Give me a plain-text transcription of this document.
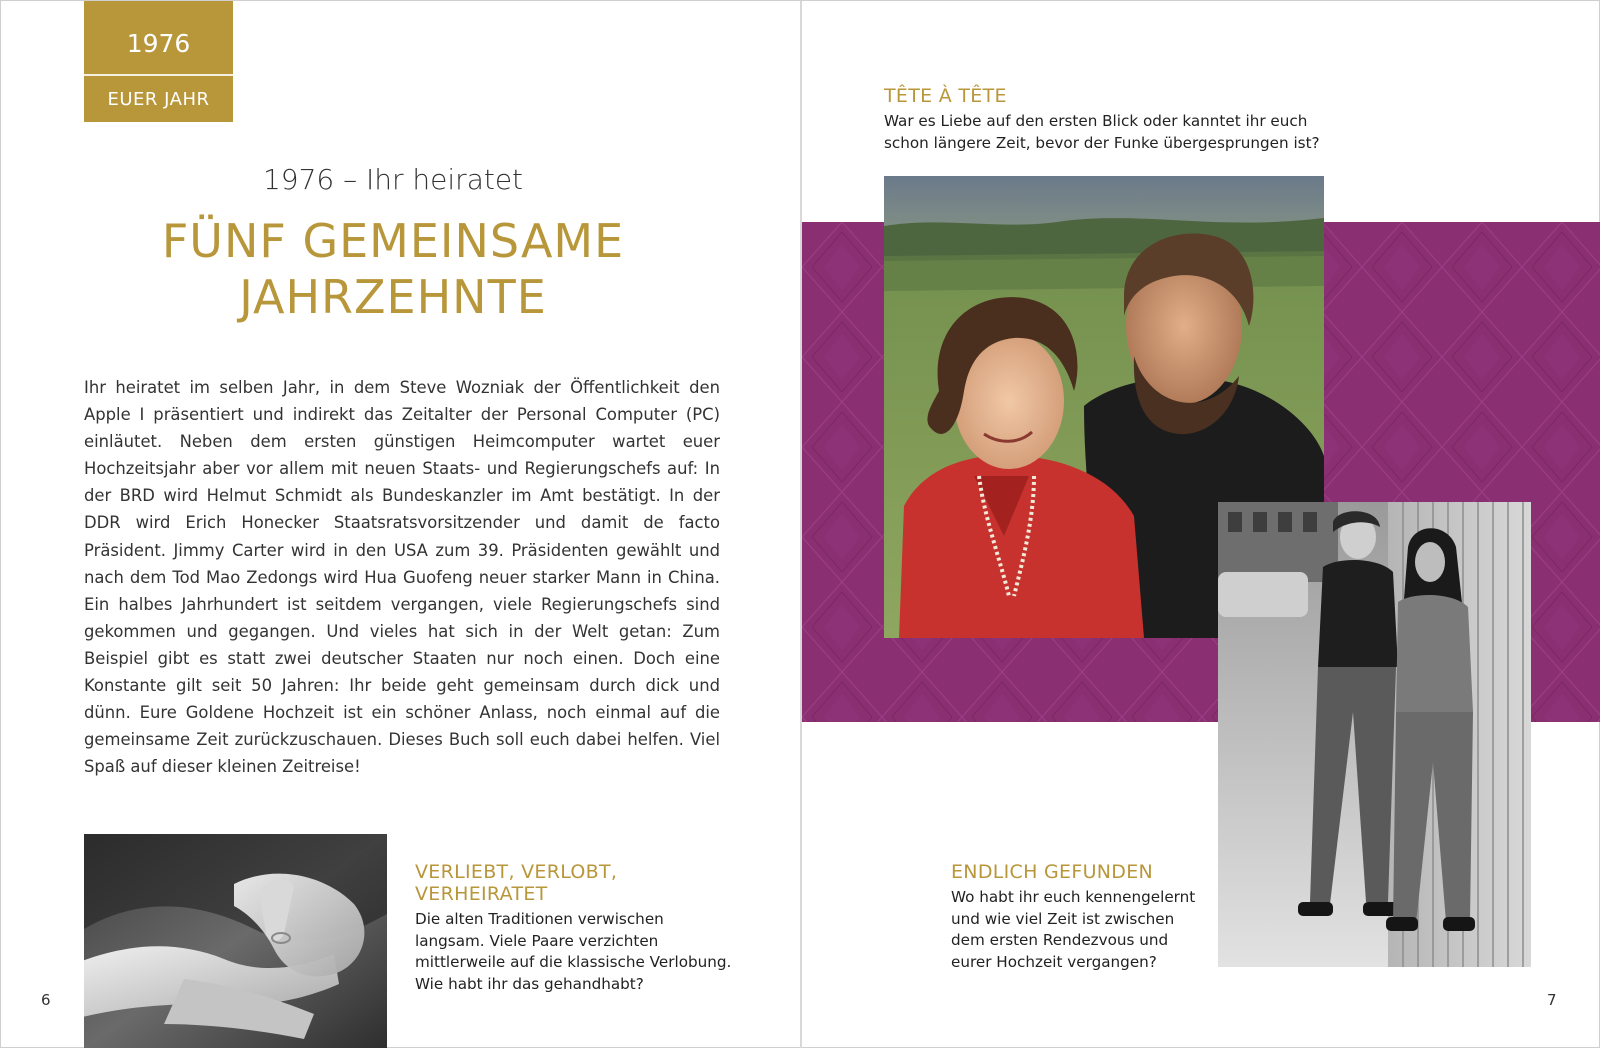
1976
EUER JAHR
1976 – Ihr heiratet
FÜNF GEMEINSAME
JAHRZEHNTE

Ihr heiratet im selben Jahr, in dem Steve Wozniak der Öffentlichkeit den Apple I präsentiert und indirekt das Zeitalter der Personal Computer (PC) einläutet. Neben dem ersten günstigen Heimcomputer wartet euer Hochzeitsjahr aber vor allem mit neuen Staats- und Regierungschefs auf: In der BRD wird Helmut Schmidt als Bundeskanzler im Amt bestätigt. In der DDR wird Erich Honecker Staatsratsvorsitzender und damit de facto Präsident. Jimmy Carter wird in den USA zum 39. Präsidenten gewählt und nach dem Tod Mao Zedongs wird Hua Guofeng neuer starker Mann in China. Ein halbes Jahrhundert ist seitdem vergangen, viele Regierungschefs sind gekommen und gegangen. Und vieles hat sich in der Welt getan: Zum Beispiel gibt es statt zwei deutscher Staaten nur noch einen. Doch eine Konstante gilt seit 50 Jahren: Ihr beide geht gemeinsam durch dick und dünn. Eure Goldene Hochzeit ist ein schöner Anlass, noch einmal auf die gemeinsame Zeit zurückzuschauen. Dieses Buch soll euch dabei helfen. Viel Spaß auf dieser kleinen Zeitreise!

VERLIEBT, VERLOBT, VERHEIRATET
Die alten Traditionen verwischen langsam. Viele Paare verzichten mittlerweile auf die klassische Verlobung. Wie habt ihr das gehandhabt?
6
TÊTE À TÊTE
War es Liebe auf den ersten Blick oder kanntet ihr euch schon längere Zeit, bevor der Funke übergesprungen ist?
ENDLICH GEFUNDEN
Wo habt ihr euch kennengelernt und wie viel Zeit ist zwischen dem ersten Rendezvous und eurer Hochzeit vergangen?
7
